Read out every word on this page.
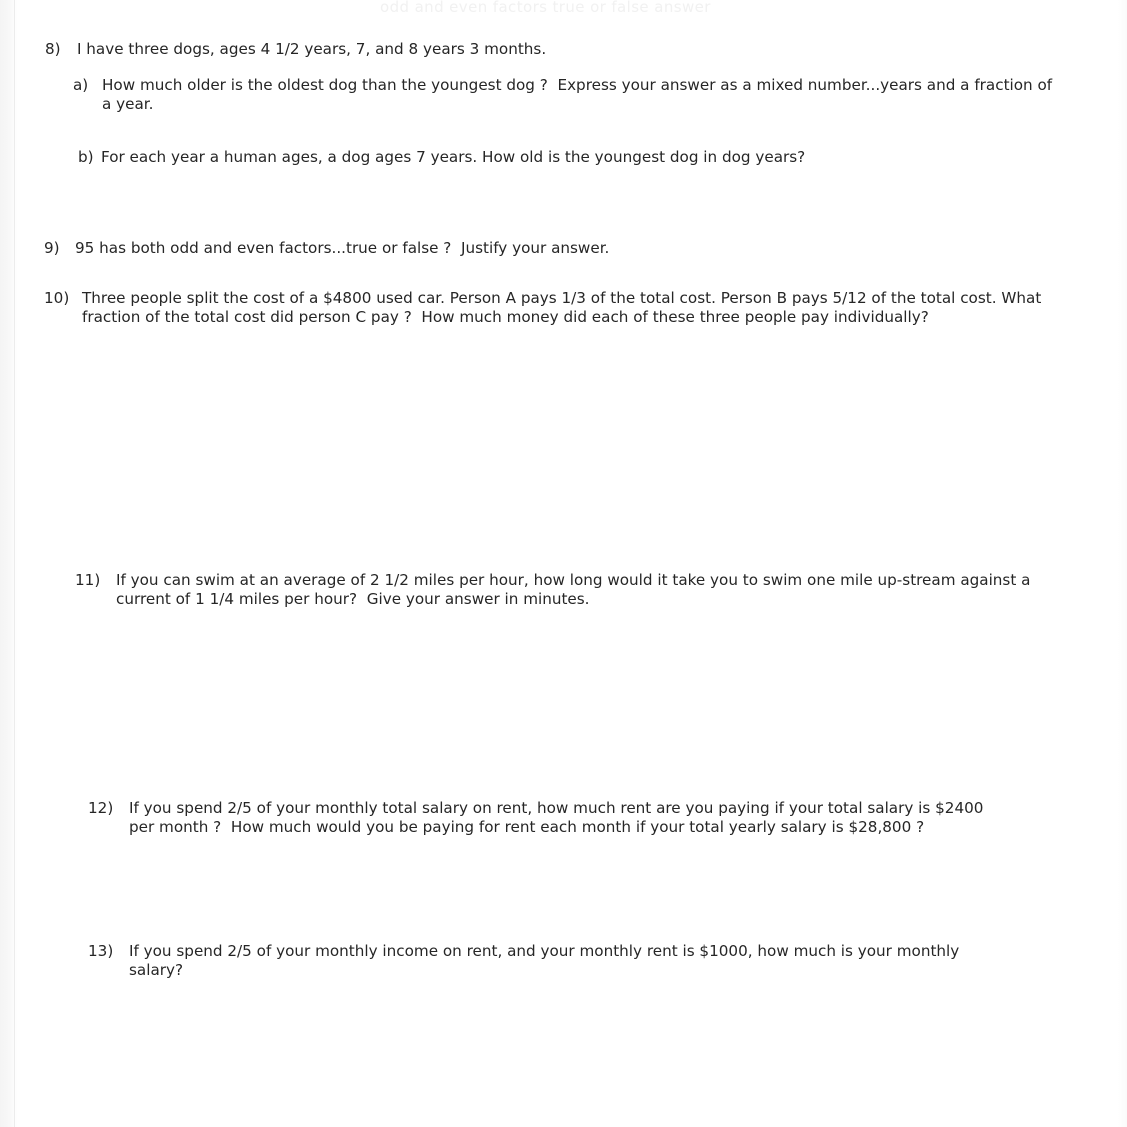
odd and even factors true or false answer
8)	I have three dogs, ages 4 1/2 years, 7, and 8 years 3 months.
a) How much older is the oldest dog than the youngest dog ?  Express your answer as a mixed number...years and a fraction of a year.
b) For each year a human ages, a dog ages 7 years. How old is the youngest dog in dog years?
9)	95 has both odd and even factors...true or false ?  Justify your answer.
10) Three people split the cost of a $4800 used car. Person A pays 1/3 of the total cost. Person B pays 5/12 of the total cost. What fraction of the total cost did person C pay ?  How much money did each of these three people pay individually?
11)	If you can swim at an average of 2 1/2 miles per hour, how long would it take you to swim one mile up-stream against a current of 1 1/4 miles per hour?  Give your answer in minutes.
12)	If you spend 2/5 of your monthly total salary on rent, how much rent are you paying if your total salary is $2400 per month ?  How much would you be paying for rent each month if your total yearly salary is $28,800 ?
13)	If you spend 2/5 of your monthly income on rent, and your monthly rent is $1000, how much is your monthly salary?
